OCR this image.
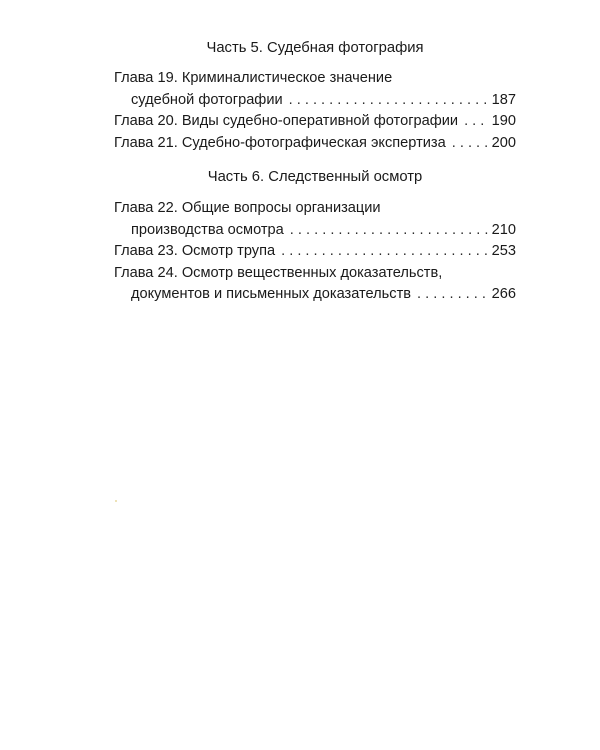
Часть 5. Судебная фотография
Глава 19. Криминалистическое значение
судебной фотографии . . .	187
Глава 20. Виды судебно-оперативной фотографии . . . 190
Глава 21. Судебно-фотографическая экспертиза . . .	200
Часть 6. Следственный осмотр
Глава 22. Общие вопросы организации
производства осмотра . . .	210
Глава 23. Осмотр трупа . . .	253
Глава 24. Осмотр вещественных доказательств,
документов и письменных доказательств . . .	266
